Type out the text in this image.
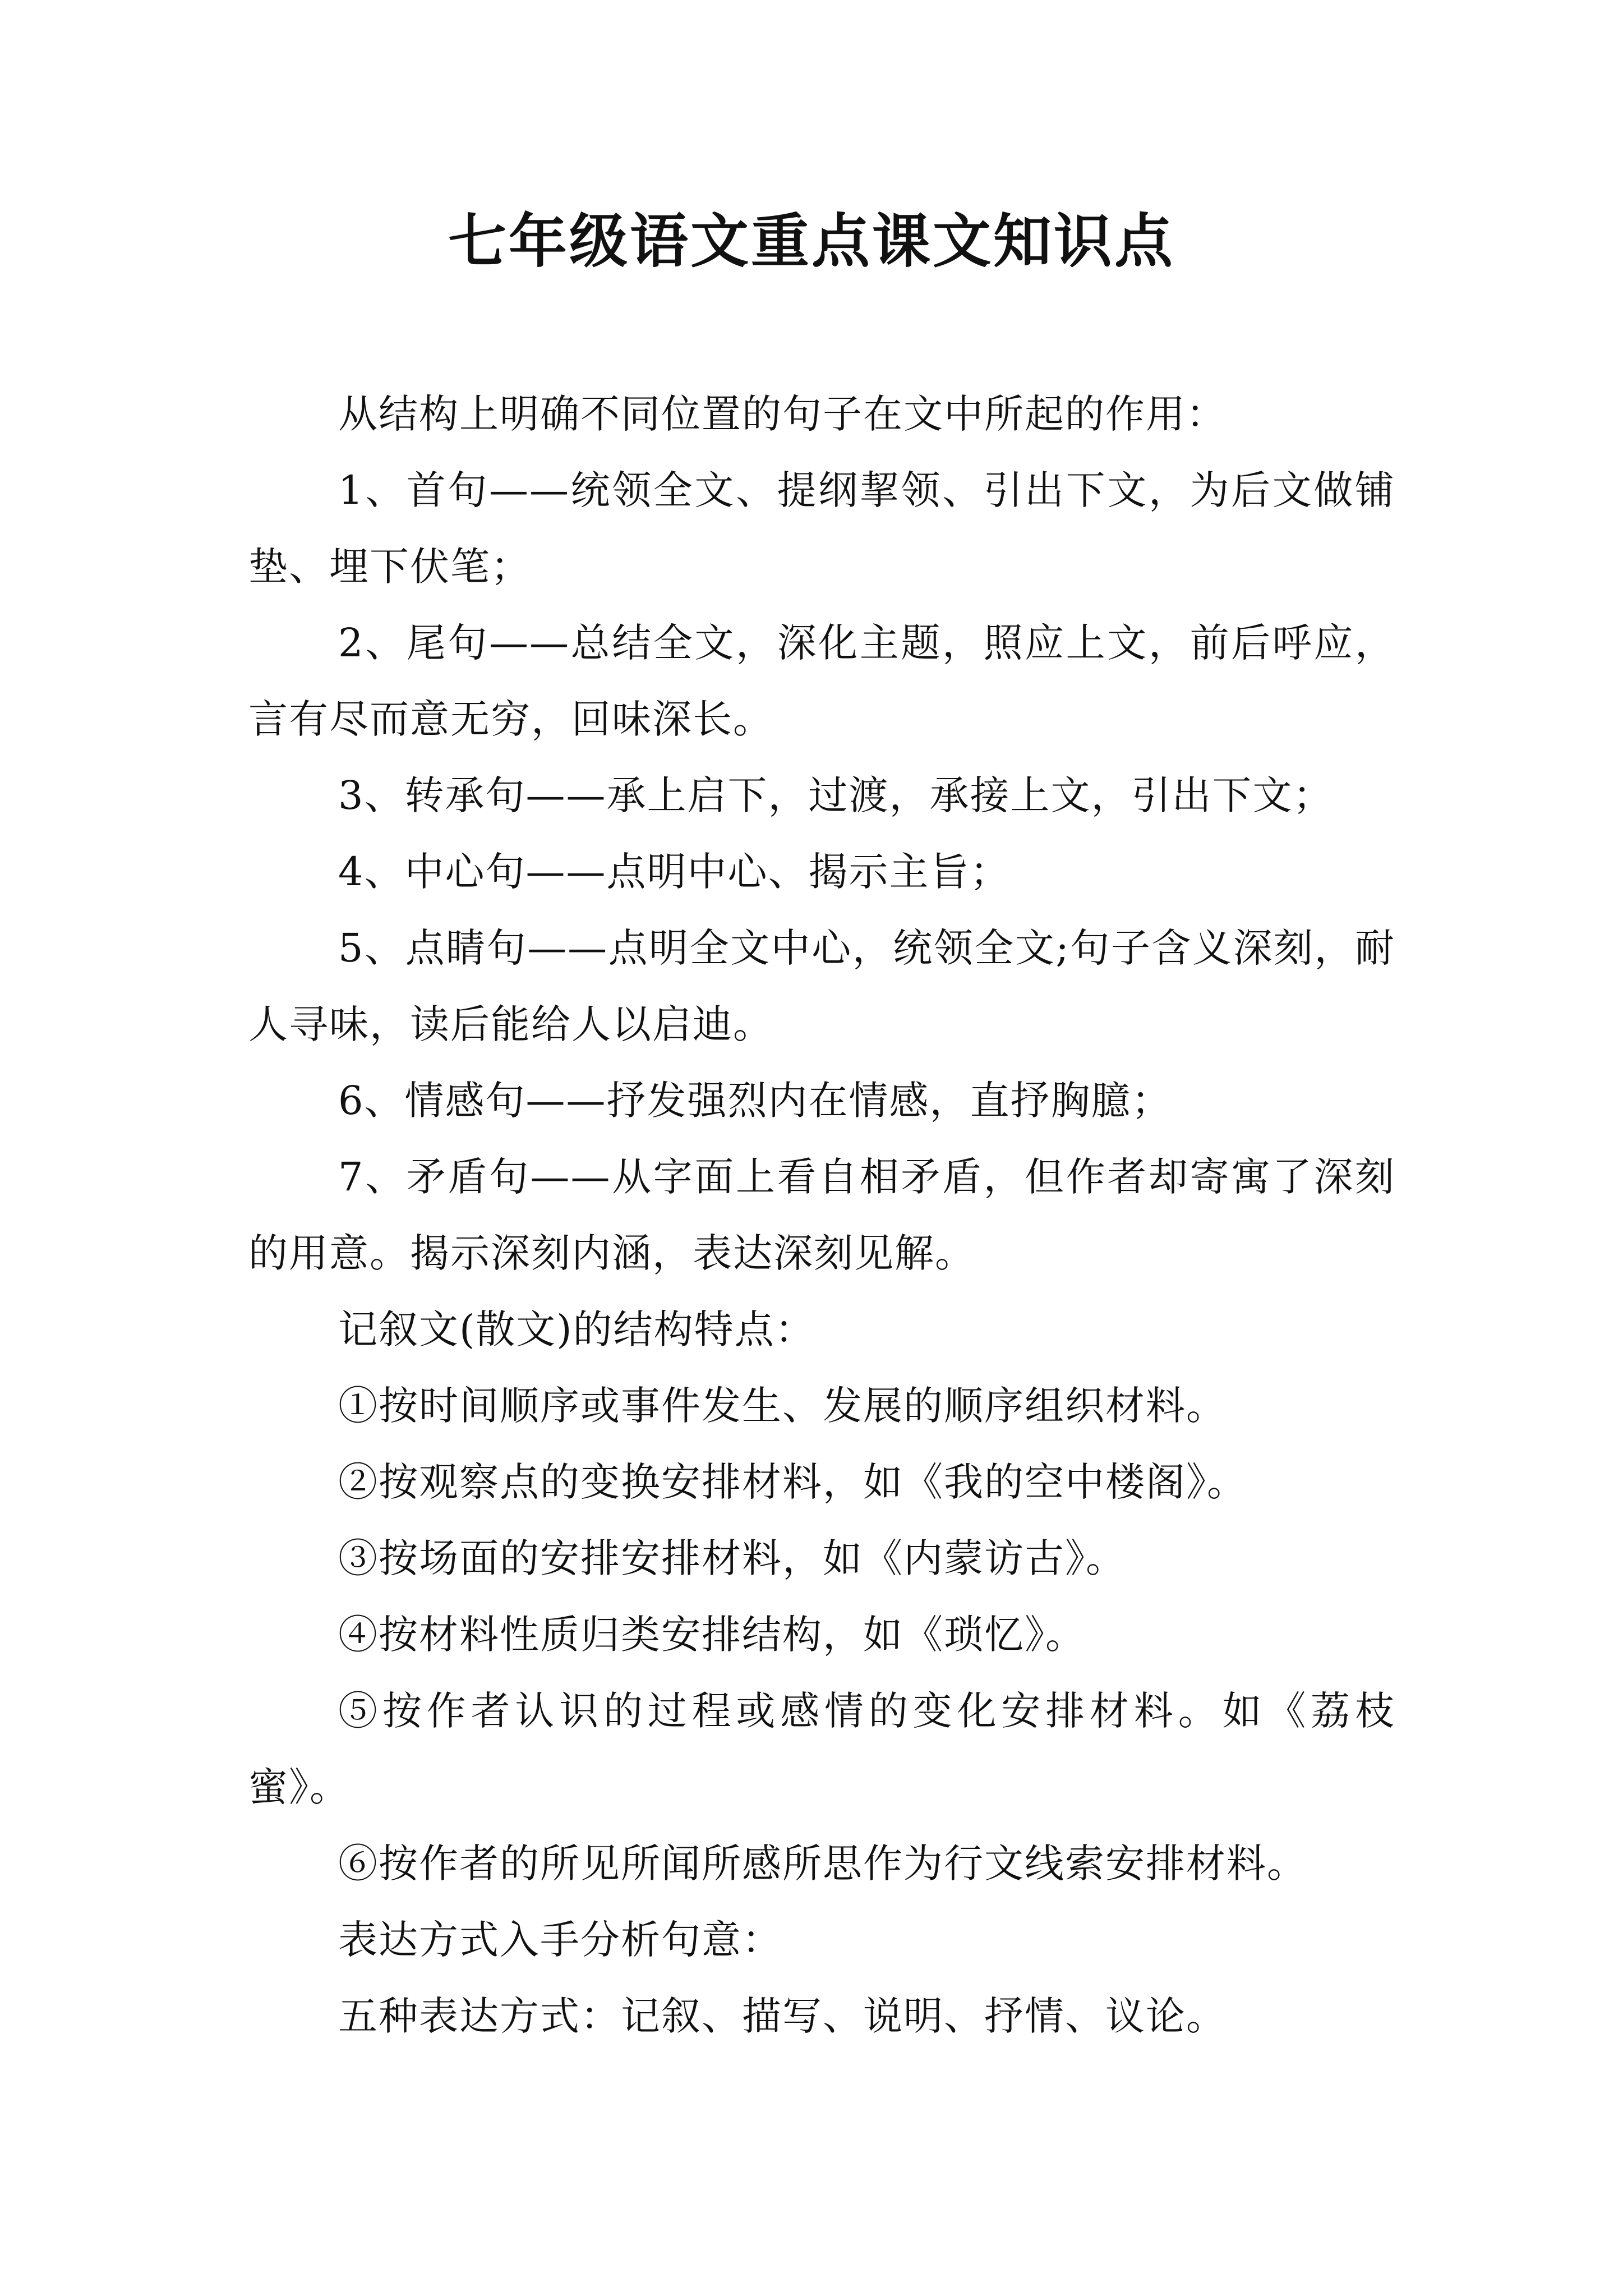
七年级语文重点课文知识点

从结构上明确不同位置的句子在文中所起的作用：

1、首句——统领全文、提纲挈领、引出下文，为后文做铺垫、埋下伏笔；

2、尾句——总结全文，深化主题，照应上文，前后呼应，言有尽而意无穷，回味深长。

3、转承句——承上启下，过渡，承接上文，引出下文；

4、中心句——点明中心、揭示主旨；

5、点睛句——点明全文中心，统领全文;句子含义深刻，耐人寻味，读后能给人以启迪。

6、情感句——抒发强烈内在情感，直抒胸臆；

7、矛盾句——从字面上看自相矛盾，但作者却寄寓了深刻的用意。揭示深刻内涵，表达深刻见解。

记叙文(散文)的结构特点：

①按时间顺序或事件发生、发展的顺序组织材料。

②按观察点的变换安排材料，如《我的空中楼阁》。

③按场面的安排安排材料，如《内蒙访古》。

④按材料性质归类安排结构，如《琐忆》。

⑤按作者认识的过程或感情的变化安排材料。如《荔枝蜜》。

⑥按作者的所见所闻所感所思作为行文线索安排材料。

表达方式入手分析句意：

五种表达方式：记叙、描写、说明、抒情、议论。
